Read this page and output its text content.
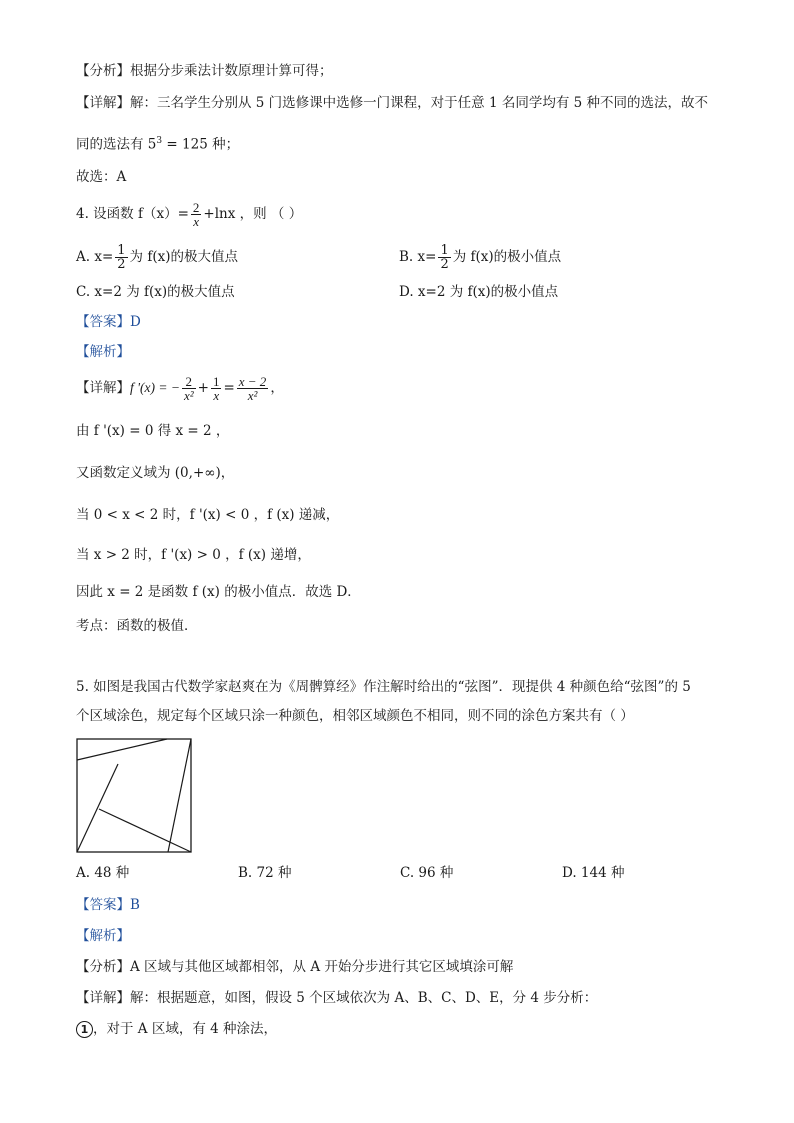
【分析】根据分步乘法计数原理计算可得；
【详解】解：三名学生分别从 5 门选修课中选修一门课程，对于任意 1 名同学均有 5 种不同的选法，故不
同的选法有 $5^3 = 125$ 种；
故选：A
4. 设函数 $f(x)= \frac{2}{x} +\ln x$ ，则 （ ）
A. $x= \frac{1}{2}$ 为 f(x)的极大值点	B. $x= \frac{1}{2}$ 为 f(x)的极小值点
C. x=2 为 f(x)的极大值点	D. x=2 为 f(x)的极小值点
【答案】D
【解析】
【详解】f '(x) = − $\frac{2}{\text{x²}} + \frac{1}{x} = \frac{x - 2}{\text{x²}}$ ，
由 f '(x) = 0 得 x = 2 ，
又函数定义域为 (0,+∞)，
当 0 < x < 2 时，f '(x) < 0 ，f (x) 递减，
当 x > 2 时，f '(x) > 0 ，f (x) 递增，
因此 x = 2 是函数 f (x) 的极小值点．故选 D．
考点：函数的极值．
5. 如图是我国古代数学家赵爽在为《周髀算经》作注解时给出的“弦图”．现提供 4 种颜色给“弦图”的 5
个区域涂色，规定每个区域只涂一种颜色，相邻区域颜色不相同，则不同的涂色方案共有（ ）
A. 48 种	B. 72 种	C. 96 种	D. 144 种
【答案】B
【解析】
【分析】A 区域与其他区域都相邻，从 A 开始分步进行其它区域填涂可解
【详解】解：根据题意，如图，假设 5 个区域依次为 A、B、C、D、E，分 4 步分析：
1 ，对于 A 区域，有 4 种涂法，
